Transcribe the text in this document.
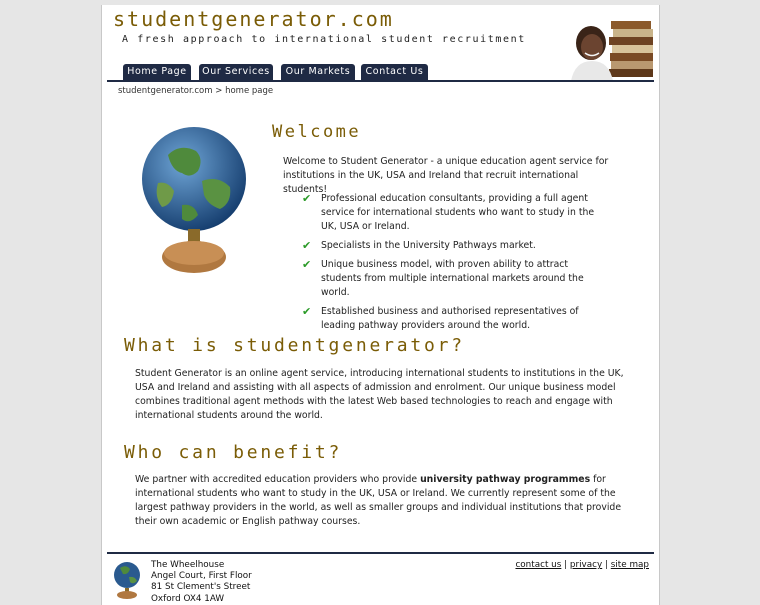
studentgenerator.com
A fresh approach to international student recruitment
Home Page	Our Services	Our Markets	Contact Us
studentgenerator.com > home page
Welcome
Welcome to Student Generator - a unique education agent service for institutions in the UK, USA and Ireland that recruit international students!
✔ Professional education consultants, providing a full agent service for international students who want to study in the UK, USA or Ireland.
✔ Specialists in the University Pathways market.
✔ Unique business model, with proven ability to attract students from multiple international markets around the world.
✔ Established business and authorised representatives of leading pathway providers around the world.
What is studentgenerator?
Student Generator is an online agent service, introducing international students to institutions in the UK, USA and Ireland and assisting with all aspects of admission and enrolment. Our unique business model combines traditional agent methods with the latest Web based technologies to reach and engage with international students around the world.
Who can benefit?
We partner with accredited education providers who provide university pathway programmes for international students who want to study in the UK, USA or Ireland. We currently represent some of the largest pathway providers in the world, as well as smaller groups and individual institutions that provide their own academic or English pathway courses.
The Wheelhouse
Angel Court, First Floor
81 St Clement's Street
Oxford OX4 1AW
contact us | privacy | site map
